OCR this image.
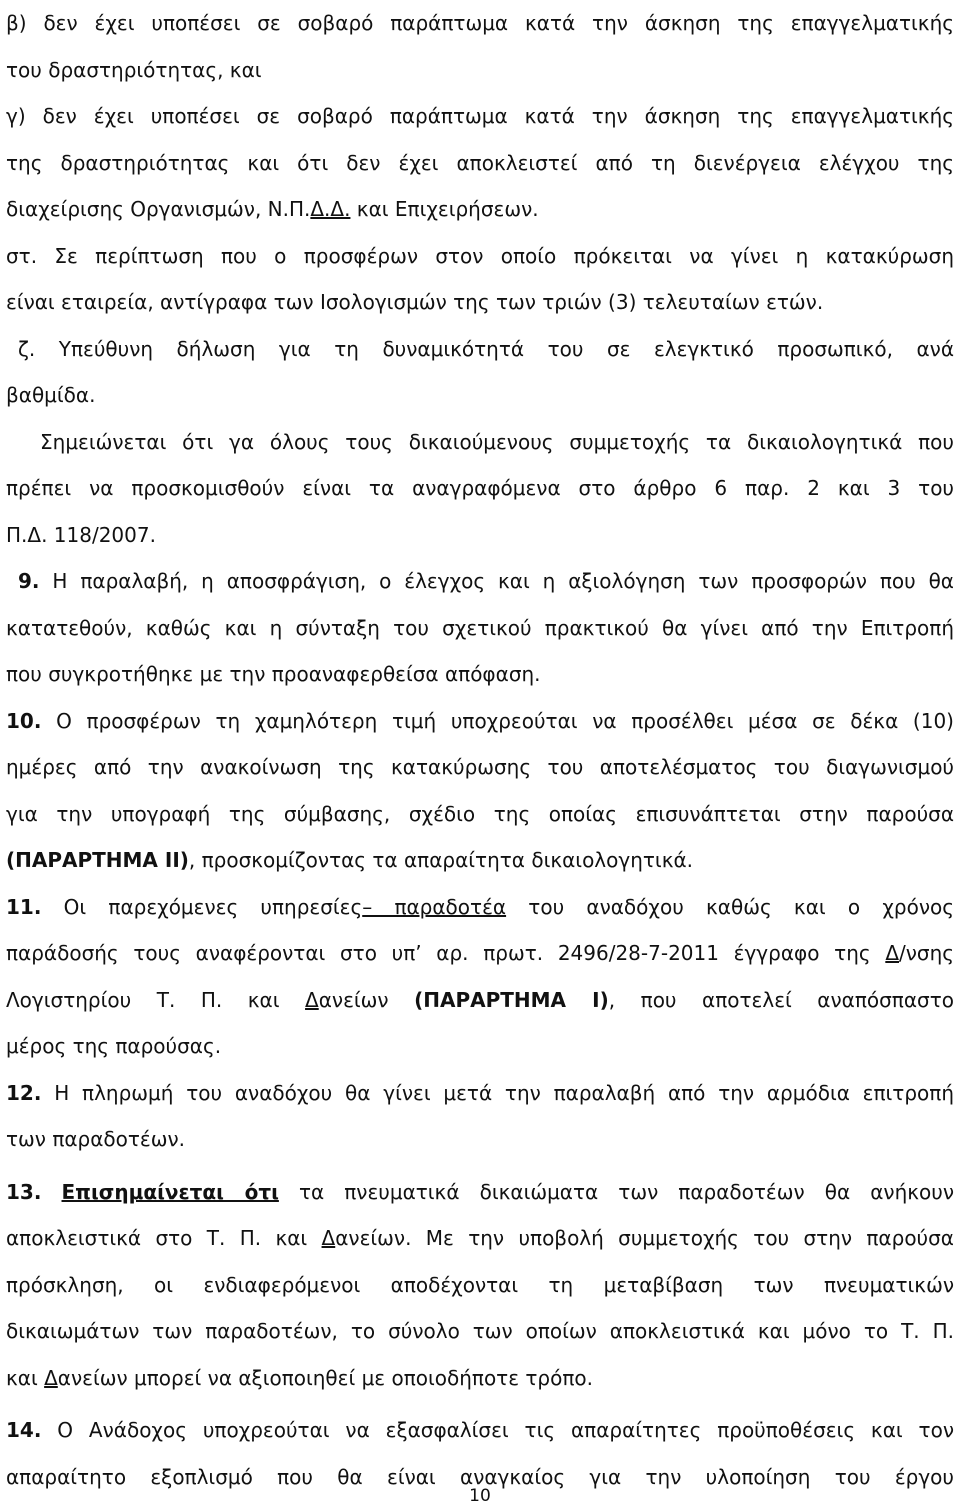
β) δεν έχει υποπέσει σε σοβαρό παράπτωμα κατά την άσκηση της επαγγελματικής

του δραστηριότητας, και

γ) δεν έχει υποπέσει σε σοβαρό παράπτωμα κατά την άσκηση της επαγγελματικής

της δραστηριότητας και ότι δεν έχει αποκλειστεί από τη διενέργεια ελέγχου της

διαχείρισης Οργανισμών, Ν.Π.Δ.Δ. και Επιχειρήσεων.

στ. Σε περίπτωση που ο προσφέρων στον οποίο πρόκειται να γίνει η κατακύρωση

είναι εταιρεία, αντίγραφα των Ισολογισμών της των τριών (3) τελευταίων ετών.

ζ. Υπεύθυνη δήλωση για τη δυναμικότητά του σε ελεγκτικό προσωπικό, ανά

βαθμίδα.

Σημειώνεται ότι γα όλους τους δικαιούμενους συμμετοχής τα δικαιολογητικά που

πρέπει να προσκομισθούν είναι τα αναγραφόμενα στο άρθρο 6 παρ. 2 και 3 του

Π.Δ. 118/2007.

9. Η παραλαβή, η αποσφράγιση, ο έλεγχος και η αξιολόγηση των προσφορών που θα

κατατεθούν, καθώς και η σύνταξη του σχετικού πρακτικού θα γίνει από την Επιτροπή

που συγκροτήθηκε με την προαναφερθείσα απόφαση.

10. Ο προσφέρων τη χαμηλότερη τιμή υποχρεούται να προσέλθει μέσα σε δέκα (10)

ημέρες από την ανακοίνωση της κατακύρωσης του αποτελέσματος του διαγωνισμού

για την υπογραφή της σύμβασης, σχέδιο της οποίας επισυνάπτεται στην παρούσα

(ΠΑΡΑΡΤΗΜΑ ΙΙ), προσκομίζοντας τα απαραίτητα δικαιολογητικά.

11. Οι παρεχόμενες υπηρεσίες– παραδοτέα του αναδόχου καθώς και ο χρόνος

παράδοσής τους αναφέρονται στο υπ’ αρ. πρωτ. 2496/28-7-2011 έγγραφο της Δ/νσης

Λογιστηρίου Τ. Π. και Δανείων (ΠΑΡΑΡΤΗΜΑ Ι), που αποτελεί αναπόσπαστο

μέρος της παρούσας.

12. Η πληρωμή του αναδόχου θα γίνει μετά την παραλαβή από την αρμόδια επιτροπή

των παραδοτέων.

13. Επισημαίνεται ότι τα πνευματικά δικαιώματα των παραδοτέων θα ανήκουν

αποκλειστικά στο Τ. Π. και Δανείων. Με την υποβολή συμμετοχής του στην παρούσα

πρόσκληση, οι ενδιαφερόμενοι αποδέχονται τη μεταβίβαση των πνευματικών

δικαιωμάτων των παραδοτέων, το σύνολο των οποίων αποκλειστικά και μόνο το Τ. Π.

και Δανείων μπορεί να αξιοποιηθεί με οποιοδήποτε τρόπο.

14. Ο Ανάδοχος υποχρεούται να εξασφαλίσει τις απαραίτητες προϋποθέσεις και τον

απαραίτητο εξοπλισμό που θα είναι αναγκαίος για την υλοποίηση του έργου

10
